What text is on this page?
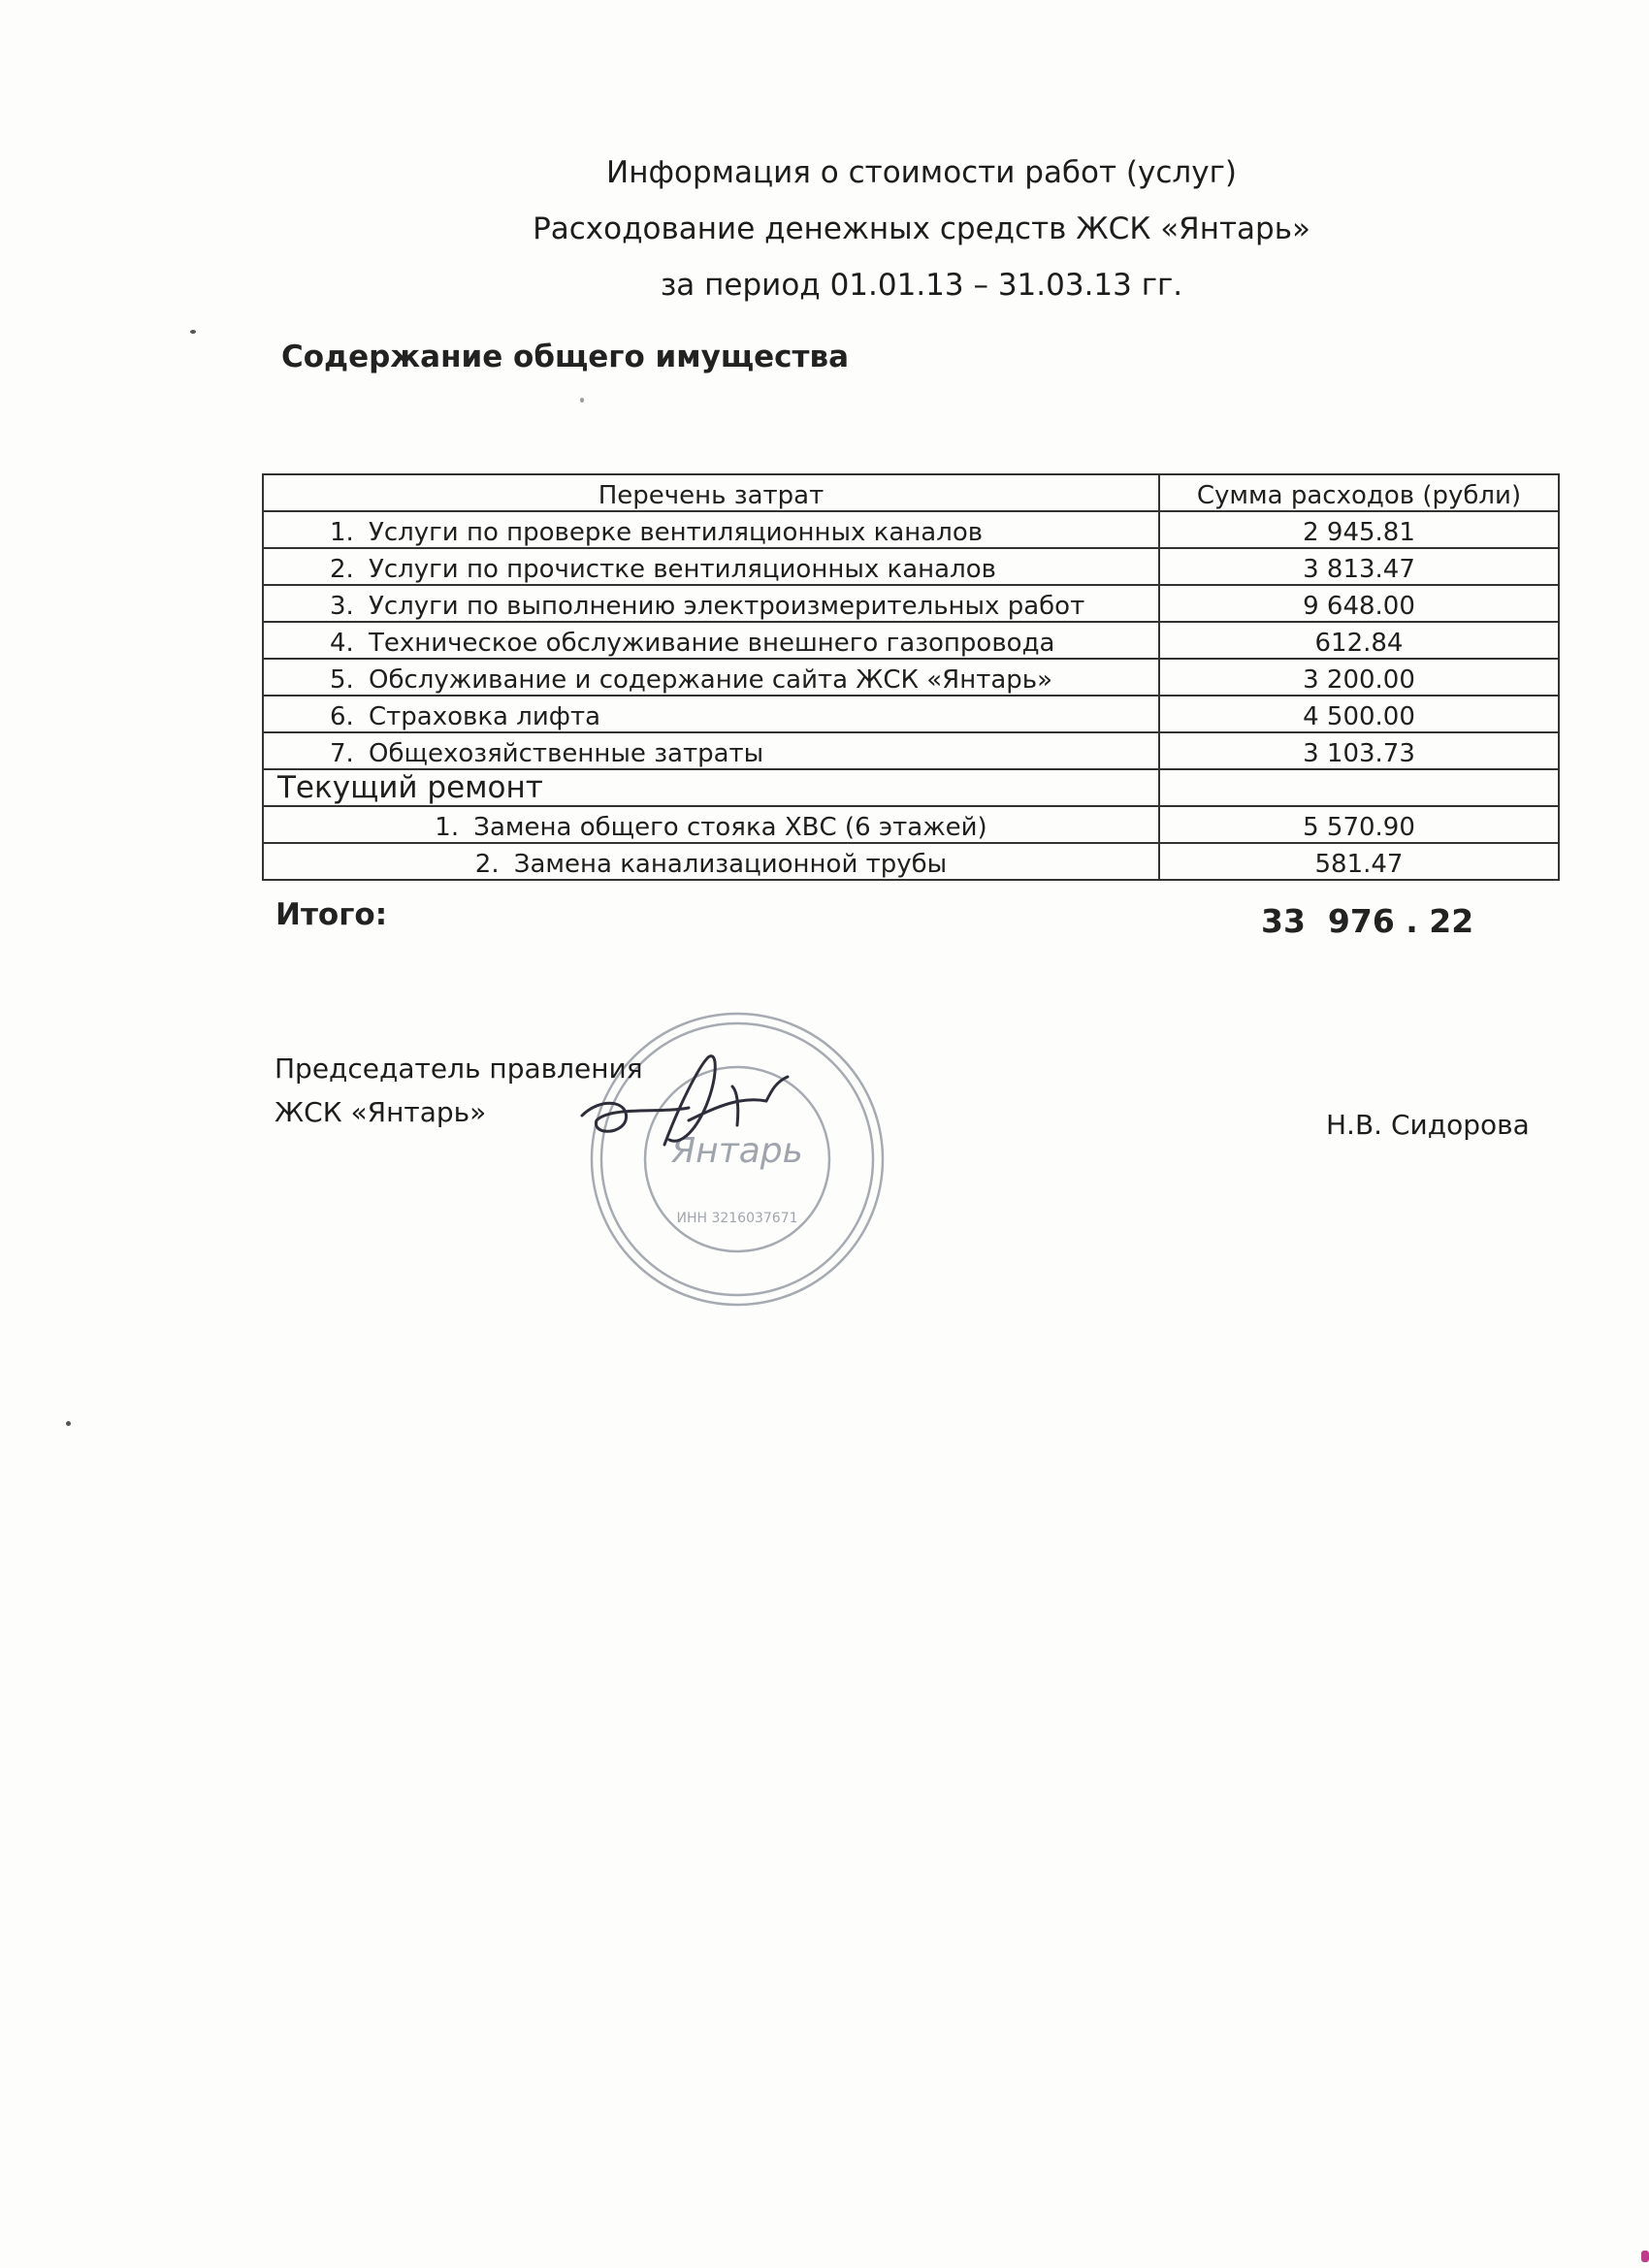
Информация о стоимости работ (услуг)
Расходование денежных средств ЖСК «Янтарь»
за период 01.01.13 – 31.03.13 гг.
Содержание общего имущества
Перечень затрат	Сумма расходов (рубли)
1. Услуги по проверке вентиляционных каналов	2 945.81
2. Услуги по прочистке вентиляционных каналов	3 813.47
3. Услуги по выполнению электроизмерительных работ	9 648.00
4. Техническое обслуживание внешнего газопровода	612.84
5. Обслуживание и содержание сайта ЖСК «Янтарь»	3 200.00
6. Страховка лифта	4 500.00
7. Общехозяйственные затраты	3 103.73
Текущий ремонт	
1. Замена общего стояка ХВС (6 этажей)	5 570.90
2. Замена канализационной трубы	581.47
Итого:	33  976 . 22
Янтарь
ИНН 3216037671
Председатель правления
ЖСК «Янтарь»	Н.В. Сидорова
